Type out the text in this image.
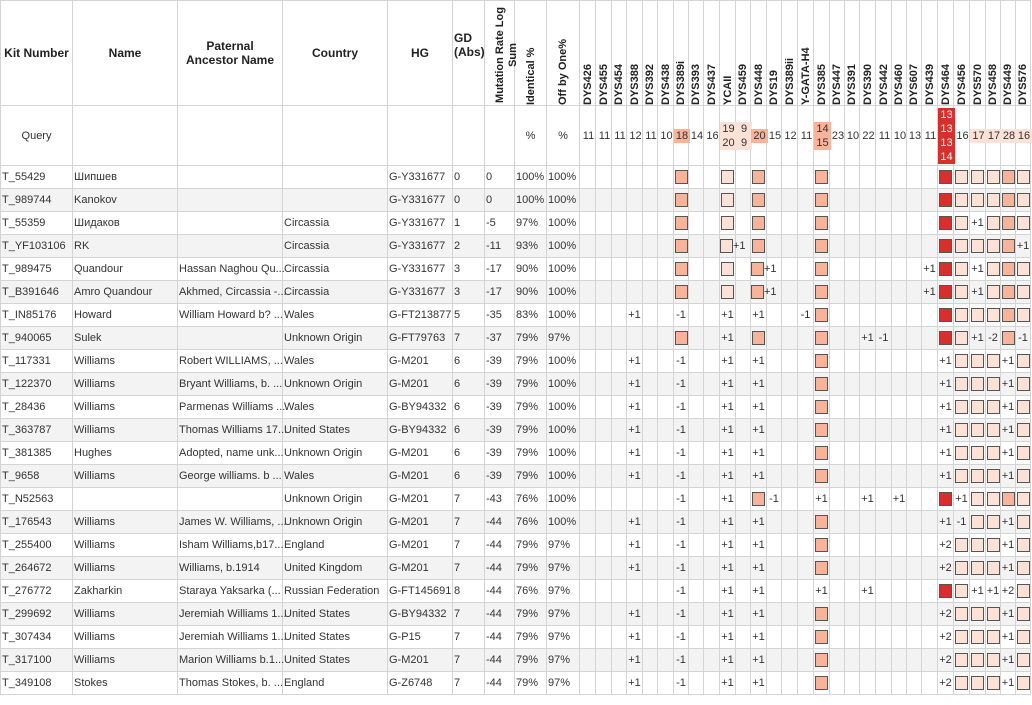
Kit Number	Name	Paternal Ancestor Name	Country	HG	GD (Abs)	Mutation Rate Log Sum	Identical %	Off by One%	DYS426	DYS455	DYS454	DYS388	DYS392	DYS438	DYS389i	DYS393	DYS437	YCAII	DYS459	DYS448	DYS19	DYS389ii	Y-GATA-H4	DYS385	DYS447	DYS391	DYS390	DYS442	DYS460	DYS607	DYS439	DYS464	DYS456	DYS570	DYS458	DYS449	DYS576

Query							%	%	11	11	11	12	11	10	18	14	16	19 20	9 9	20	15	12	11	14 15	23	10	22	11	10	13	11	13 13 13 14	16	17	17	28	16
T_55429	Шипшев			G-Y331677	0	0	100%	100%																													
T_989744	Kanokov			G-Y331677	0	0	100%	100%																													
T_55359	Шидаков		Circassia	G-Y331677	1	-5	97%	100%																										+1			
T_YF103106	RK		Circassia	G-Y331677	2	-11	93%	100%										+1																			+1
T_989475	Quandour	Hassan Naghou Qu...	Circassia	G-Y331677	3	-17	90%	100%												+1											+1			+1			
T_B391646	Amro Quandour	Akhmed, Circassia -...	Circassia	G-Y331677	3	-17	90%	100%												+1											+1			+1			
T_IN85176	Howard	William Howard b? ...	Wales	G-FT213877	5	-35	83%	100%				+1			-1			+1		+1			-1														
T_940065	Sulek		Unknown Origin	G-FT79763	7	-37	79%	97%										+1									+1	-1						+1	-2		-1
T_117331	Williams	Robert WILLIAMS, ...	Wales	G-M201	6	-39	79%	100%				+1			-1			+1		+1												+1				+1	
T_122370	Williams	Bryant Williams, b. ...	Unknown Origin	G-M201	6	-39	79%	100%				+1			-1			+1		+1												+1				+1	
T_28436	Williams	Parmenas Williams ...	Wales	G-BY94332	6	-39	79%	100%				+1			-1			+1		+1												+1				+1	
T_363787	Williams	Thomas Williams 17...	United States	G-BY94332	6	-39	79%	100%				+1			-1			+1		+1												+1				+1	
T_381385	Hughes	Adopted, name unk...	Unknown Origin	G-M201	6	-39	79%	100%				+1			-1			+1		+1												+1				+1	
T_9658	Williams	George williams. b ...	Wales	G-M201	6	-39	79%	100%				+1			-1			+1		+1												+1				+1	
T_N52563			Unknown Origin	G-M201	7	-43	76%	100%							-1			+1			-1			+1			+1		+1				+1				
T_176543	Williams	James W. Williams, ...	Unknown Origin	G-M201	7	-44	76%	100%				+1			-1			+1		+1												+1	-1			+1	
T_255400	Williams	Isham Williams,b17...	England	G-M201	7	-44	79%	97%				+1			-1			+1		+1												+2				+1	
T_264672	Williams	Williams, b.1914	United Kingdom	G-M201	7	-44	79%	97%				+1			-1			+1		+1												+2				+1	
T_276772	Zakharkin	Staraya Yaksarka (...	Russian Federation	G-FT145691	8	-44	76%	97%							-1			+1		+1				+1			+1							+1	+1	+2	
T_299692	Williams	Jeremiah Williams 1...	United States	G-BY94332	7	-44	79%	97%				+1			-1			+1		+1												+2				+1	
T_307434	Williams	Jeremiah Williams 1...	United States	G-P15	7	-44	79%	97%				+1			-1			+1		+1												+2				+1	
T_317100	Williams	Marion Williams b.1...	United States	G-M201	7	-44	79%	97%				+1			-1			+1		+1												+2				+1	
T_349108	Stokes	Thomas Stokes, b. ...	England	G-Z6748	7	-44	79%	97%				+1			-1			+1		+1												+2				+1	
